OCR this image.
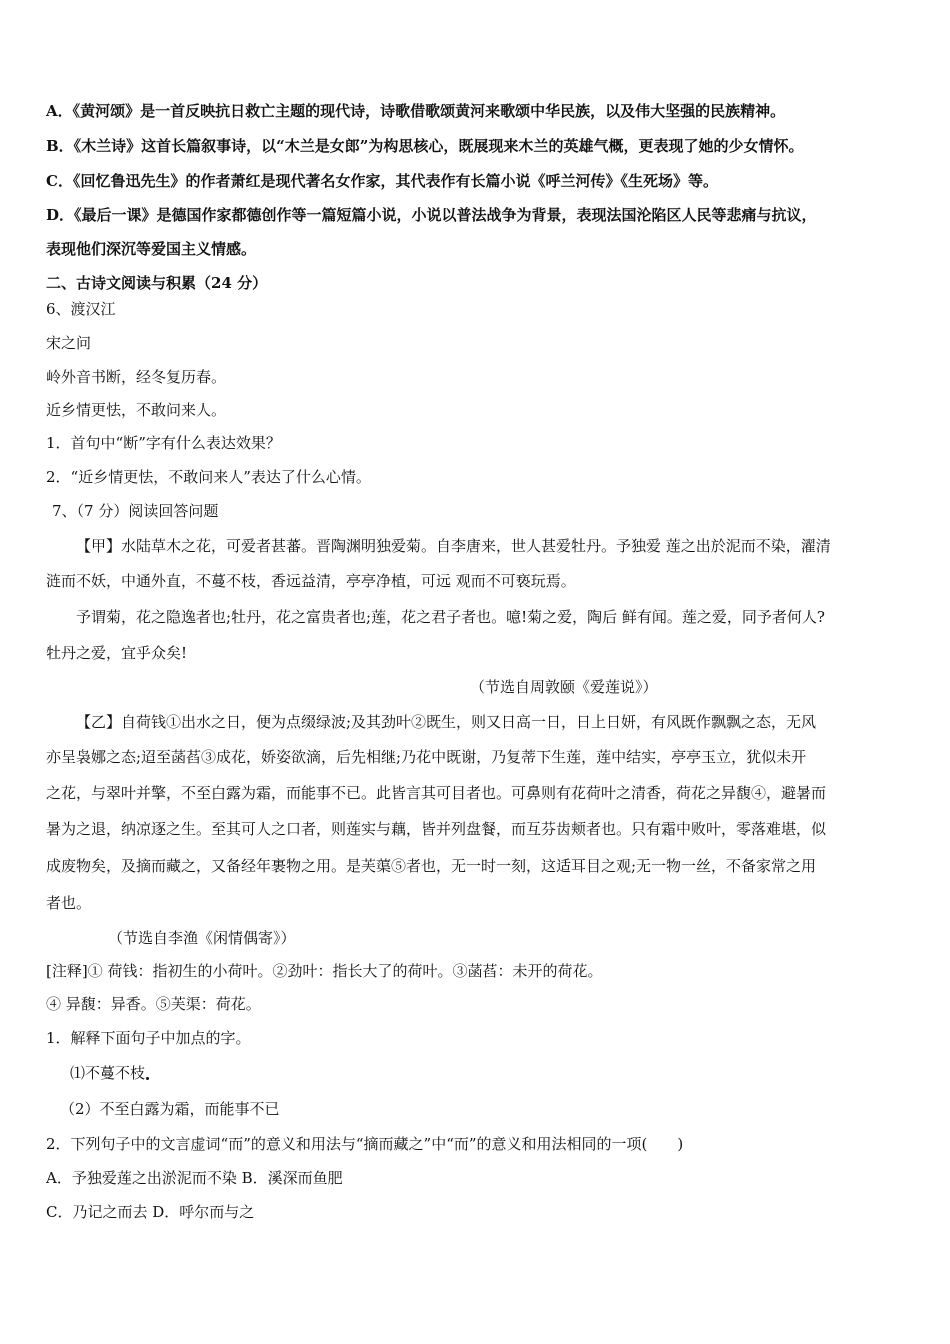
A．《黄河颂》是一首反映抗日救亡主题的现代诗，诗歌借歌颂黄河来歌颂中华民族，以及伟大坚强的民族精神。
B．《木兰诗》这首长篇叙事诗，以“木兰是女郎”为构思核心，既展现来木兰的英雄气概，更表现了她的少女情怀。
C．《回忆鲁迅先生》的作者萧红是现代著名女作家，其代表作有长篇小说《呼兰河传》《生死场》等。
D．《最后一课》是德国作家都德创作等一篇短篇小说，小说以普法战争为背景，表现法国沦陷区人民等悲痛与抗议，
表现他们深沉等爱国主义情感。
二、古诗文阅读与积累（24 分）
6、渡汉江
宋之问
岭外音书断，经冬复历春。
近乡情更怯，不敢问来人。
1．首句中“断”字有什么表达效果？
2．“近乡情更怯，不敢问来人”表达了什么心情。
7、（7 分）阅读回答问题
【甲】水陆草木之花，可爱者甚蕃。晋陶渊明独爱菊。自李唐来，世人甚爱牡丹。予独爱 莲之出於泥而不染，濯清
涟而不妖，中通外直，不蔓不枝，香远益清，亭亭净植，可远 观而不可亵玩焉。
予谓菊，花之隐逸者也;牡丹，花之富贵者也;莲，花之君子者也。噫!菊之爱，陶后 鲜有闻。莲之爱，同予者何人?
牡丹之爱，宜乎众矣!
（节选自周敦颐《爱莲说》）
【乙】自荷钱①出水之日，便为点缀绿波;及其劲叶②既生，则又日高一日，日上日妍，有风既作飘飘之态，无风
亦呈袅娜之态;迢至菡萏③成花，娇姿欲滴，后先相继;乃花中既谢，乃复蒂下生莲，莲中结实，亭亭玉立，犹似未开
之花，与翠叶并擎，不至白露为霜，而能事不已。此皆言其可目者也。可鼻则有花荷叶之清香，荷花之异馥④，避暑而
暑为之退，纳凉逐之生。至其可人之口者，则莲实与藕，皆并列盘餐，而互芬齿颊者也。只有霜中败叶，零落难堪，似
成废物矣，及摘而藏之，又备经年裹物之用。是芙蕖⑤者也，无一时一刻，这适耳目之观;无一物一丝，不备家常之用
者也。
（节选自李渔《闲情偶寄》）
[注释]① 荷钱：指初生的小荷叶。②劲叶：指长大了的荷叶。③菡萏：未开的荷花。
④ 异馥：异香。⑤芙渠：荷花。
1．解释下面句子中加点的字。
⑴不蔓不枝
（2）不至白露为霜，而能事不已
2．下列句子中的文言虚词“而”的意义和用法与“摘而藏之”中“而”的意义和用法相同的一项(　　)
A．予独爱莲之出淤泥而不染 B．溪深而鱼肥
C．乃记之而去 D．呼尔而与之
